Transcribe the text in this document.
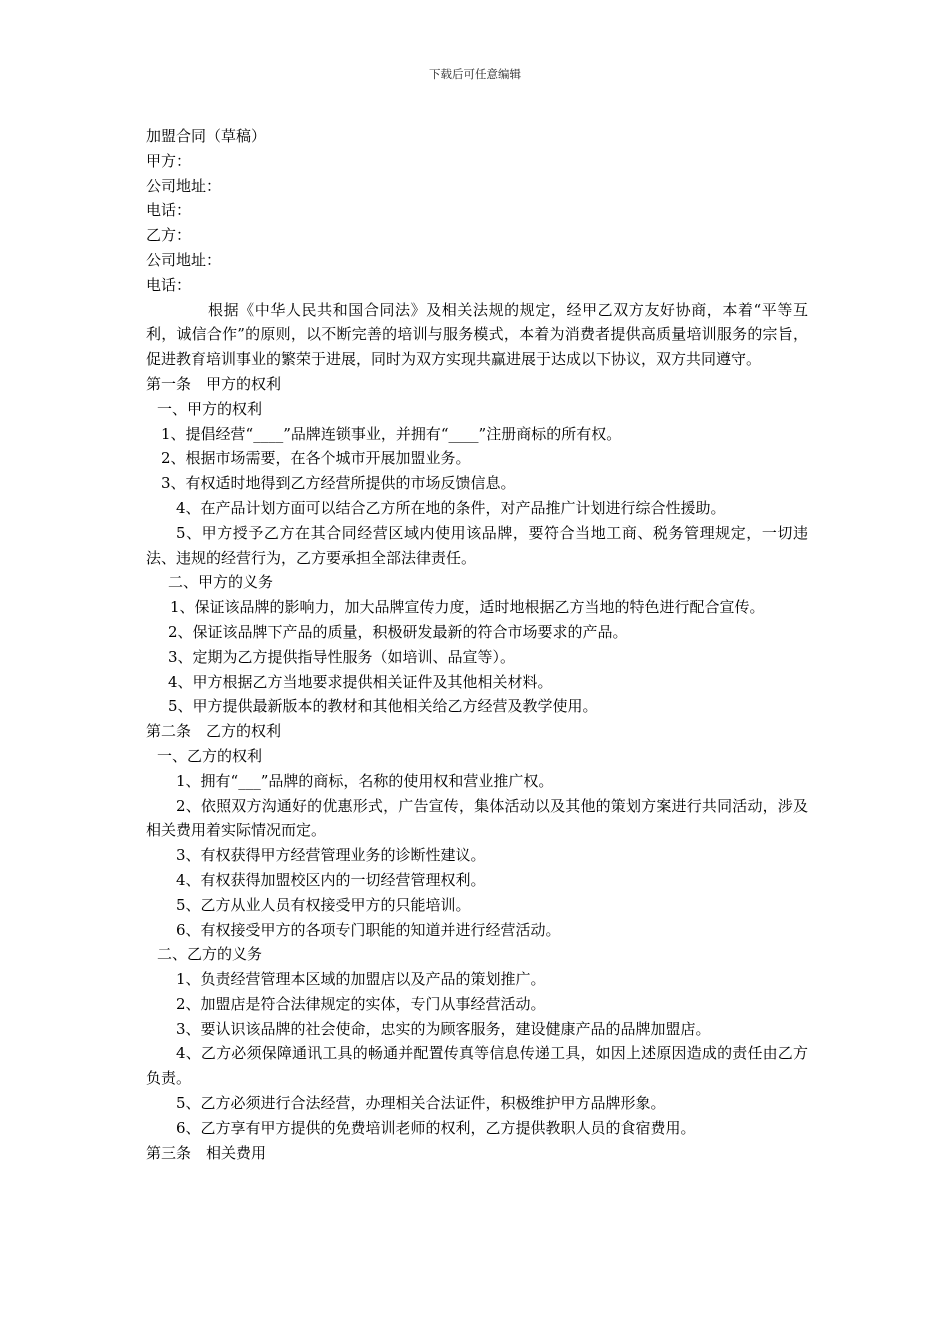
下载后可任意编辑

加盟合同（草稿）

甲方：

公司地址：

电话：

乙方：

公司地址：

电话：

根据《中华人民共和国合同法》及相关法规的规定，经甲乙双方友好协商，本着“平等互利，诚信合作”的原则，以不断完善的培训与服务模式，本着为消费者提供高质量培训服务的宗旨，促进教育培训事业的繁荣于进展，同时为双方实现共赢进展于达成以下协议，双方共同遵守。

第一条　甲方的权利

一、甲方的权利

1、提倡经营“____”品牌连锁事业，并拥有“____”注册商标的所有权。

2、根据市场需要，在各个城市开展加盟业务。

3、有权适时地得到乙方经营所提供的市场反馈信息。

4、在产品计划方面可以结合乙方所在地的条件，对产品推广计划进行综合性援助。

5、甲方授予乙方在其合同经营区域内使用该品牌，要符合当地工商、税务管理规定，一切违法、违规的经营行为，乙方要承担全部法律责任。

二、甲方的义务

1、保证该品牌的影响力，加大品牌宣传力度，适时地根据乙方当地的特色进行配合宣传。

2、保证该品牌下产品的质量，积极研发最新的符合市场要求的产品。

3、定期为乙方提供指导性服务（如培训、品宣等）。

4、甲方根据乙方当地要求提供相关证件及其他相关材料。

5、甲方提供最新版本的教材和其他相关给乙方经营及教学使用。

第二条　乙方的权利

一、乙方的权利

1、拥有“___”品牌的商标，名称的使用权和营业推广权。

2、依照双方沟通好的优惠形式，广告宣传，集体活动以及其他的策划方案进行共同活动，涉及相关费用着实际情况而定。

3、有权获得甲方经营管理业务的诊断性建议。

4、有权获得加盟校区内的一切经营管理权利。

5、乙方从业人员有权接受甲方的只能培训。

6、有权接受甲方的各项专门职能的知道并进行经营活动。

二、乙方的义务

1、负责经营管理本区域的加盟店以及产品的策划推广。

2、加盟店是符合法律规定的实体，专门从事经营活动。

3、要认识该品牌的社会使命，忠实的为顾客服务，建设健康产品的品牌加盟店。

4、乙方必须保障通讯工具的畅通并配置传真等信息传递工具，如因上述原因造成的责任由乙方负责。

5、乙方必须进行合法经营，办理相关合法证件，积极维护甲方品牌形象。

6、乙方享有甲方提供的免费培训老师的权利，乙方提供教职人员的食宿费用。

第三条　相关费用
